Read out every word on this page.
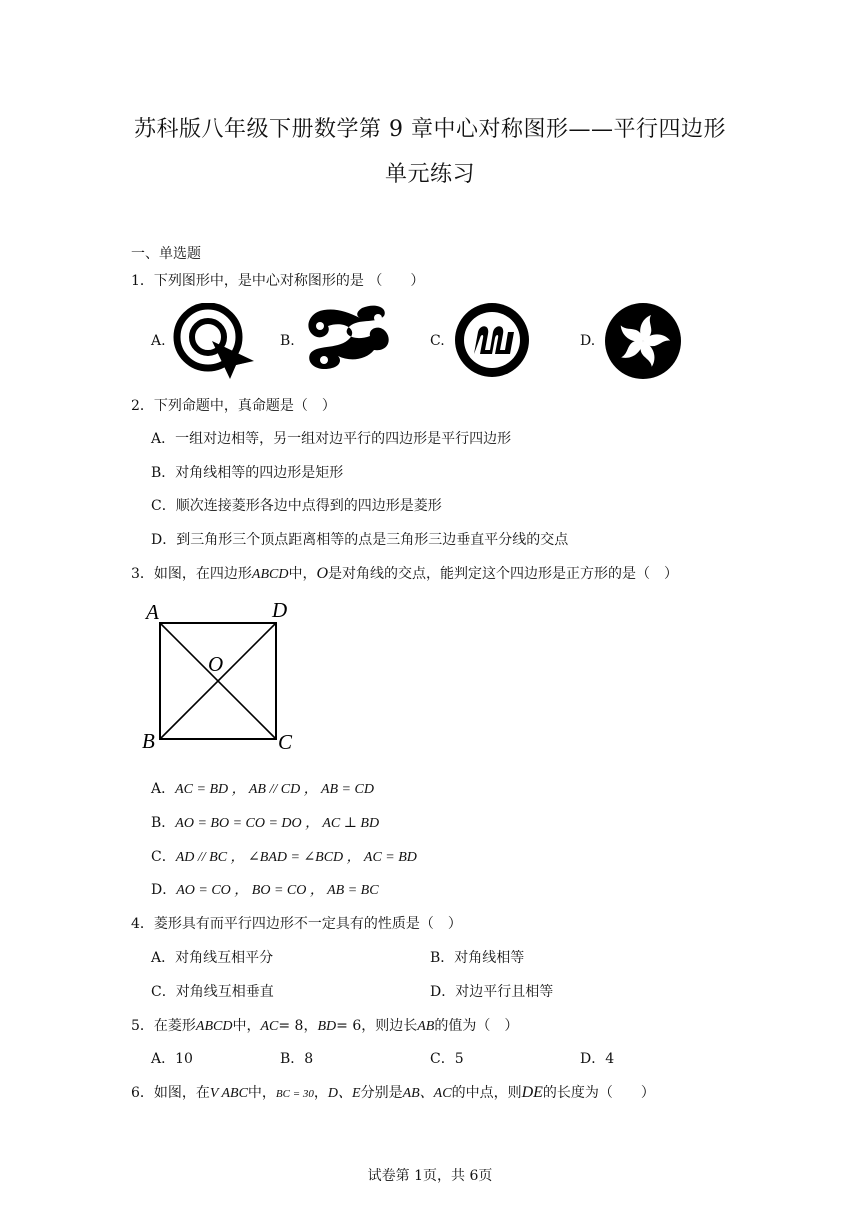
苏科版八年级下册数学第 9 章中心对称图形——平行四边形
单元练习
一、单选题
1．下列图形中，是中心对称图形的是 （　　）
A.	B.	C.	D.
2．下列命题中，真命题是（　）
A．一组对边相等，另一组对边平行的四边形是平行四边形
B．对角线相等的四边形是矩形
C．顺次连接菱形各边中点得到的四边形是菱形
D．到三角形三个顶点距离相等的点是三角形三边垂直平分线的交点
3．如图，在四边形ABCD中，O是对角线的交点，能判定这个四边形是正方形的是（　）
A	D
O
B	C
A．AC = BD ， AB // CD ， AB = CD
B．AO = BO = CO = DO ， AC ⊥ BD
C．AD // BC ， ∠BAD = ∠BCD ， AC = BD
D．AO = CO ， BO = CO ， AB = BC
4．菱形具有而平行四边形不一定具有的性质是（　）
A．对角线互相平分	B．对角线相等
C．对角线互相垂直	D．对边平行且相等
5．在菱形ABCD中，AC= 8，BD= 6，则边长AB的值为（　）
A．10	B．8	C．5	D．4
6．如图，在V ABC中，BC = 30，D、E分别是AB、AC的中点，则DE的长度为（　　）
试卷第 1页，共 6页
